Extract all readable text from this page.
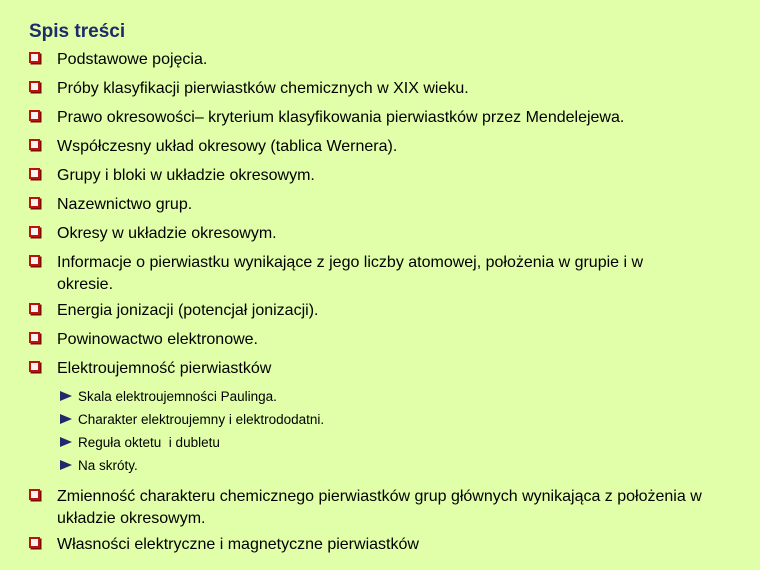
Spis treści
Podstawowe pojęcia.
Próby klasyfikacji pierwiastków chemicznych w XIX wieku.
Prawo okresowości– kryterium klasyfikowania pierwiastków przez Mendelejewa.
Współczesny układ okresowy (tablica Wernera).
Grupy i bloki w układzie okresowym.
Nazewnictwo grup.
Okresy w układzie okresowym.
Informacje o pierwiastku wynikające z jego liczby atomowej, położenia w grupie i w okresie.
Energia jonizacji (potencjał jonizacji).
Powinowactwo elektronowe.
Elektroujemność pierwiastków
Skala elektroujemności Paulinga.
Charakter elektroujemny i elektrododatni.
Reguła oktetu  i dubletu
Na skróty.
Zmienność charakteru chemicznego pierwiastków grup głównych wynikająca z położenia w układzie okresowym.
Własności elektryczne i magnetyczne pierwiastków
